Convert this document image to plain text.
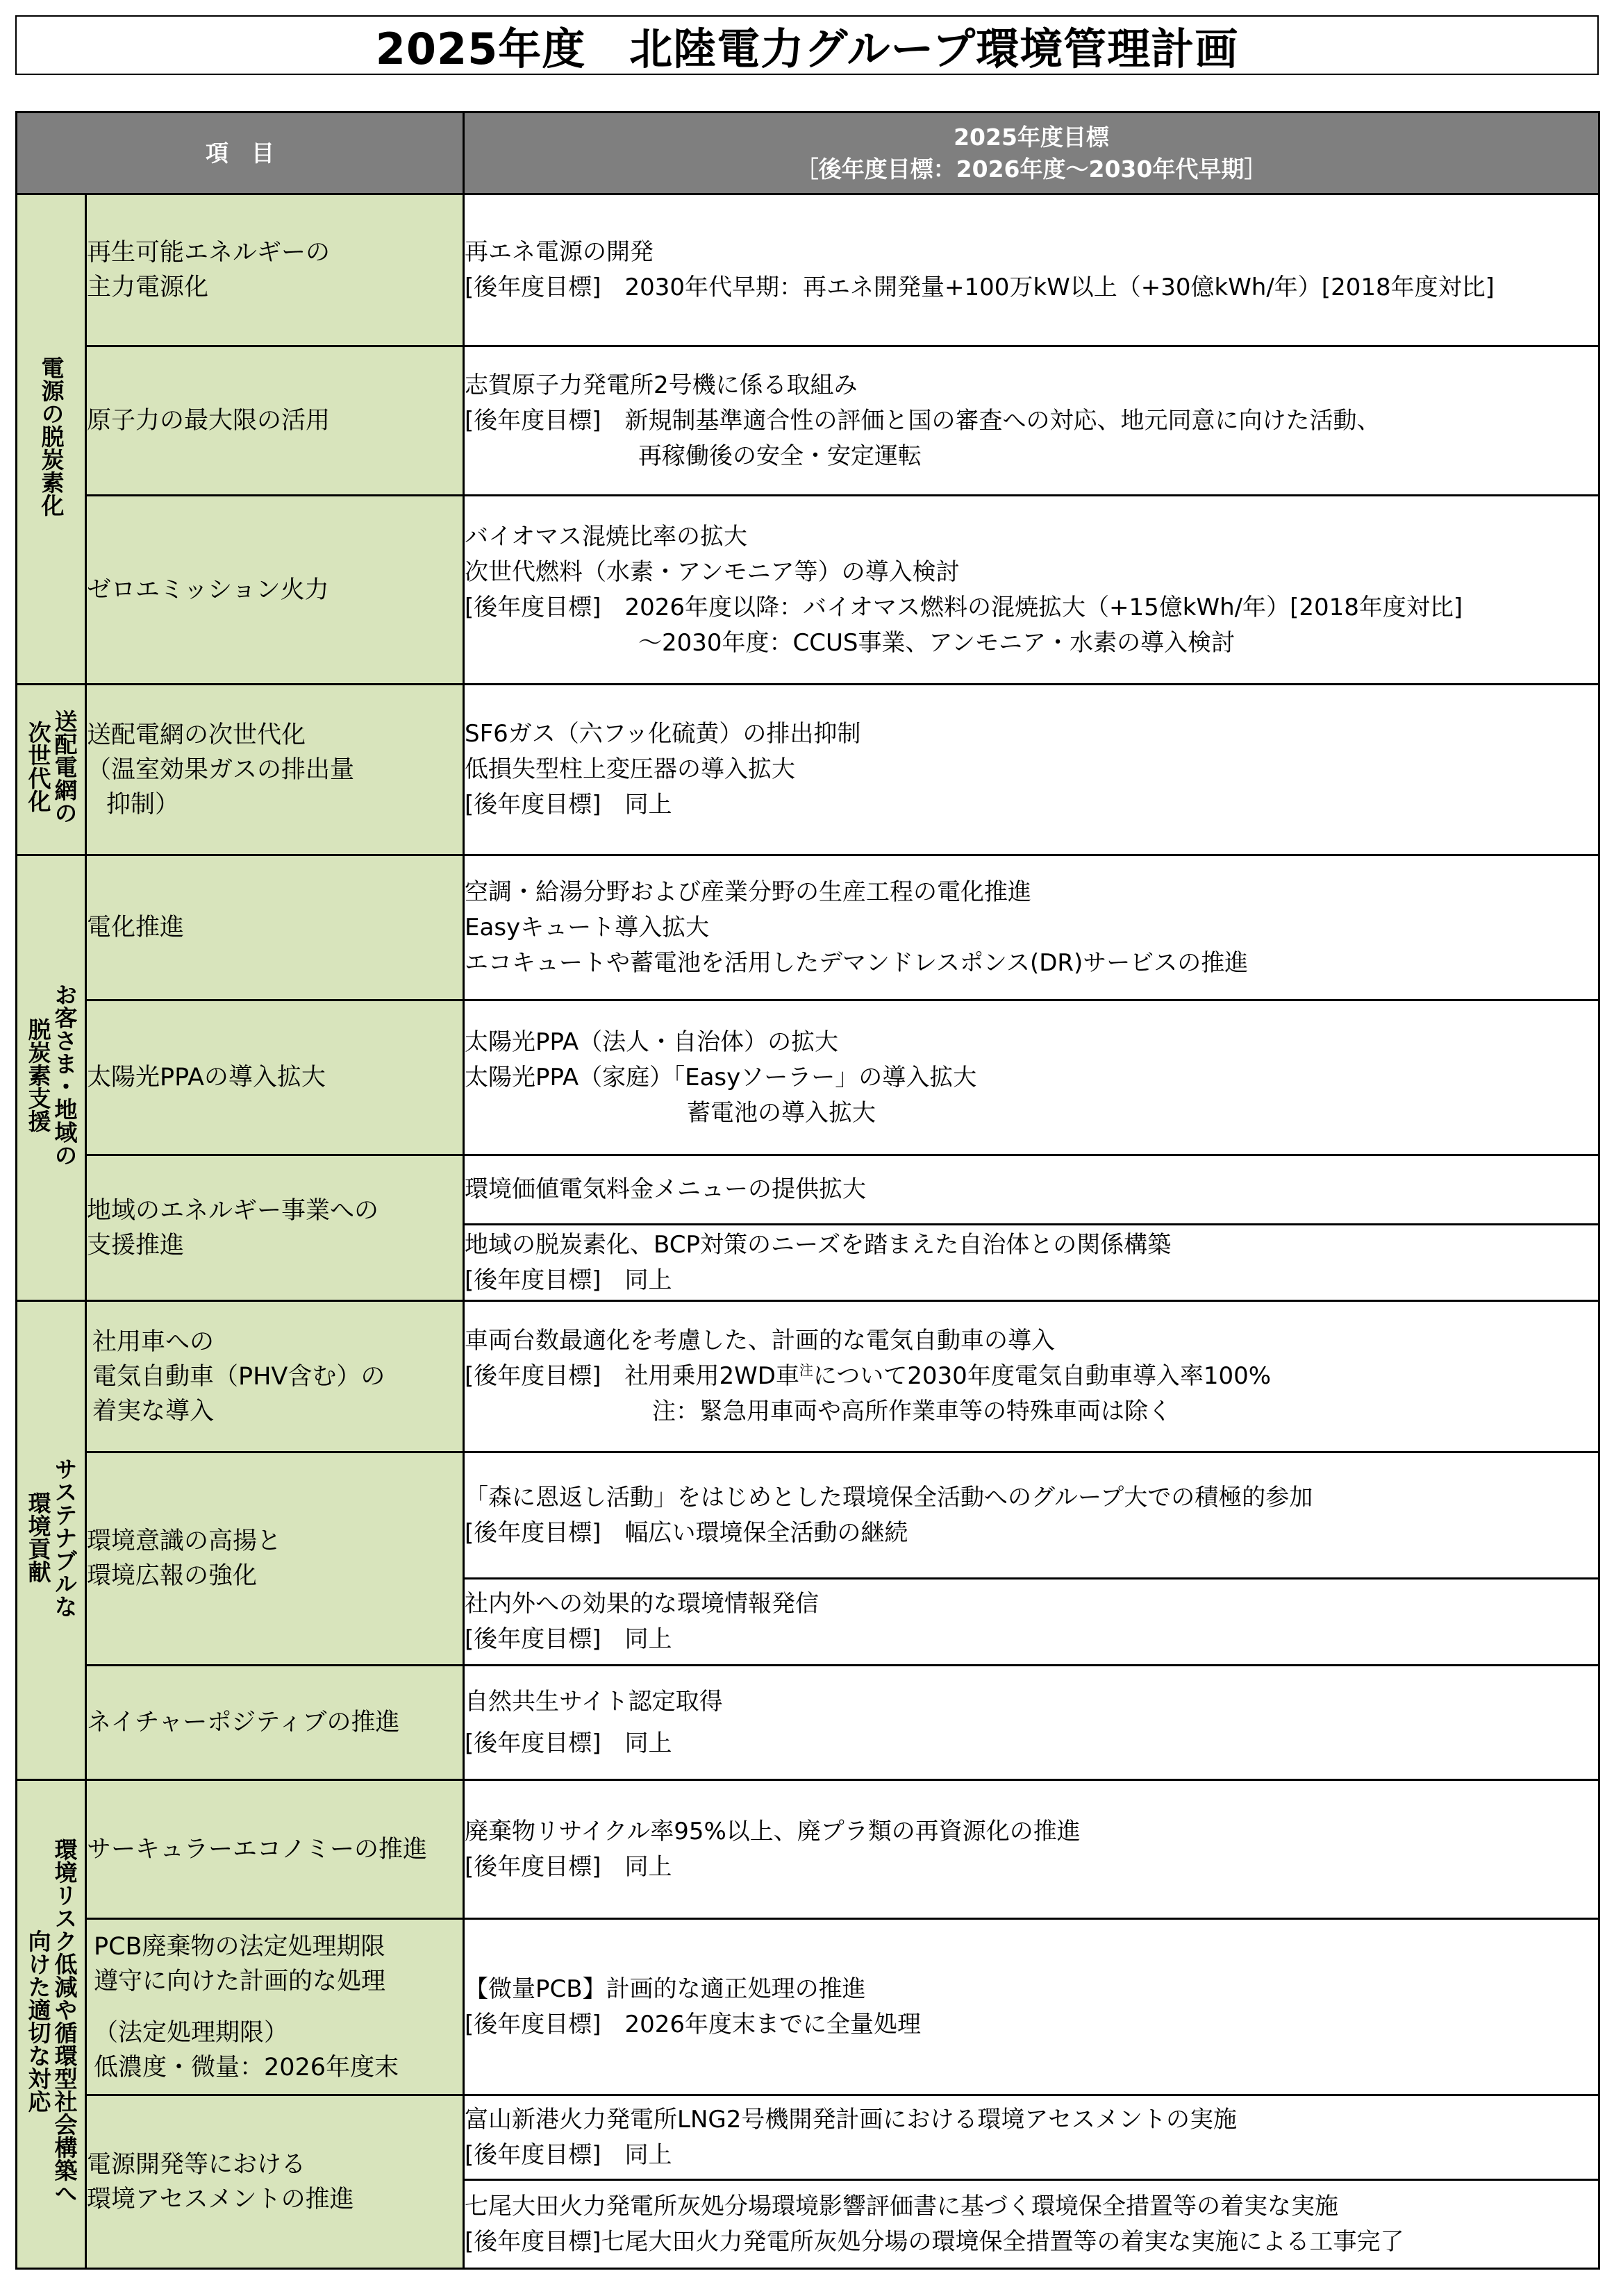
2025年度　北陸電力グループ環境管理計画
項　目		2025年度目標
［後年度目標：2026年度～2030年代早期］

電源の脱炭素化	再生可能エネルギーの
主力電源化	再エネ電源の開発
[後年度目標]　2030年代早期：再エネ開発量+100万kW以上（+30億kWh/年）[2018年度対比]

	原子力の最大限の活用	志賀原子力発電所2号機に係る取組み
[後年度目標]　新規制基準適合性の評価と国の審査への対応、地元同意に向けた活動、
再稼働後の安全・安定運転

	ゼロエミッション火力	バイオマス混焼比率の拡大
次世代燃料（水素・アンモニア等）の導入検討
[後年度目標]　2026年度以降：バイオマス燃料の混焼拡大（+15億kWh/年）[2018年度対比]
～2030年度：CCUS事業、アンモニア・水素の導入検討

送配電網の
次世代化	送配電網の次世代化
（温室効果ガスの排出量
抑制）	SF6ガス（六フッ化硫黄）の排出抑制
低損失型柱上変圧器の導入拡大
[後年度目標]　同上

お客さま・地域の
脱炭素支援	電化推進	空調・給湯分野および産業分野の生産工程の電化推進
Easyキュート導入拡大
エコキュートや蓄電池を活用したデマンドレスポンス(DR)サービスの推進

	太陽光PPAの導入拡大	太陽光PPA（法人・自治体）の拡大
太陽光PPA（家庭）「Easyソーラー」の導入拡大
蓄電池の導入拡大

	地域のエネルギー事業への
支援推進	環境価値電気料金メニューの提供拡大

		地域の脱炭素化、BCP対策のニーズを踏まえた自治体との関係構築
[後年度目標]　同上

サステナブルな
環境貢献	社用車への
電気自動車（PHV含む）の
着実な導入	車両台数最適化を考慮した、計画的な電気自動車の導入
[後年度目標]　社用乗用2WD車$^注$について2030年度電気自動車導入率100%
注：緊急用車両や高所作業車等の特殊車両は除く

	環境意識の高揚と
環境広報の強化	「森に恩返し活動」をはじめとした環境保全活動へのグループ大での積極的参加
[後年度目標]　幅広い環境保全活動の継続

		社内外への効果的な環境情報発信
[後年度目標]　同上

	ネイチャーポジティブの推進	自然共生サイト認定取得
[後年度目標]　同上

環境リスク低減や循環型社会構築へ
向けた適切な対応	サーキュラーエコノミーの推進	廃棄物リサイクル率95%以上、廃プラ類の再資源化の推進
[後年度目標]　同上

	PCB廃棄物の法定処理期限
遵守に向けた計画的な処理
（法定処理期限）
低濃度・微量：2026年度末	【微量PCB】計画的な適正処理の推進
[後年度目標]　2026年度末までに全量処理

	電源開発等における
環境アセスメントの推進	富山新港火力発電所LNG2号機開発計画における環境アセスメントの実施
[後年度目標]　同上

		七尾大田火力発電所灰処分場環境影響評価書に基づく環境保全措置等の着実な実施
[後年度目標]七尾大田火力発電所灰処分場の環境保全措置等の着実な実施による工事完了
